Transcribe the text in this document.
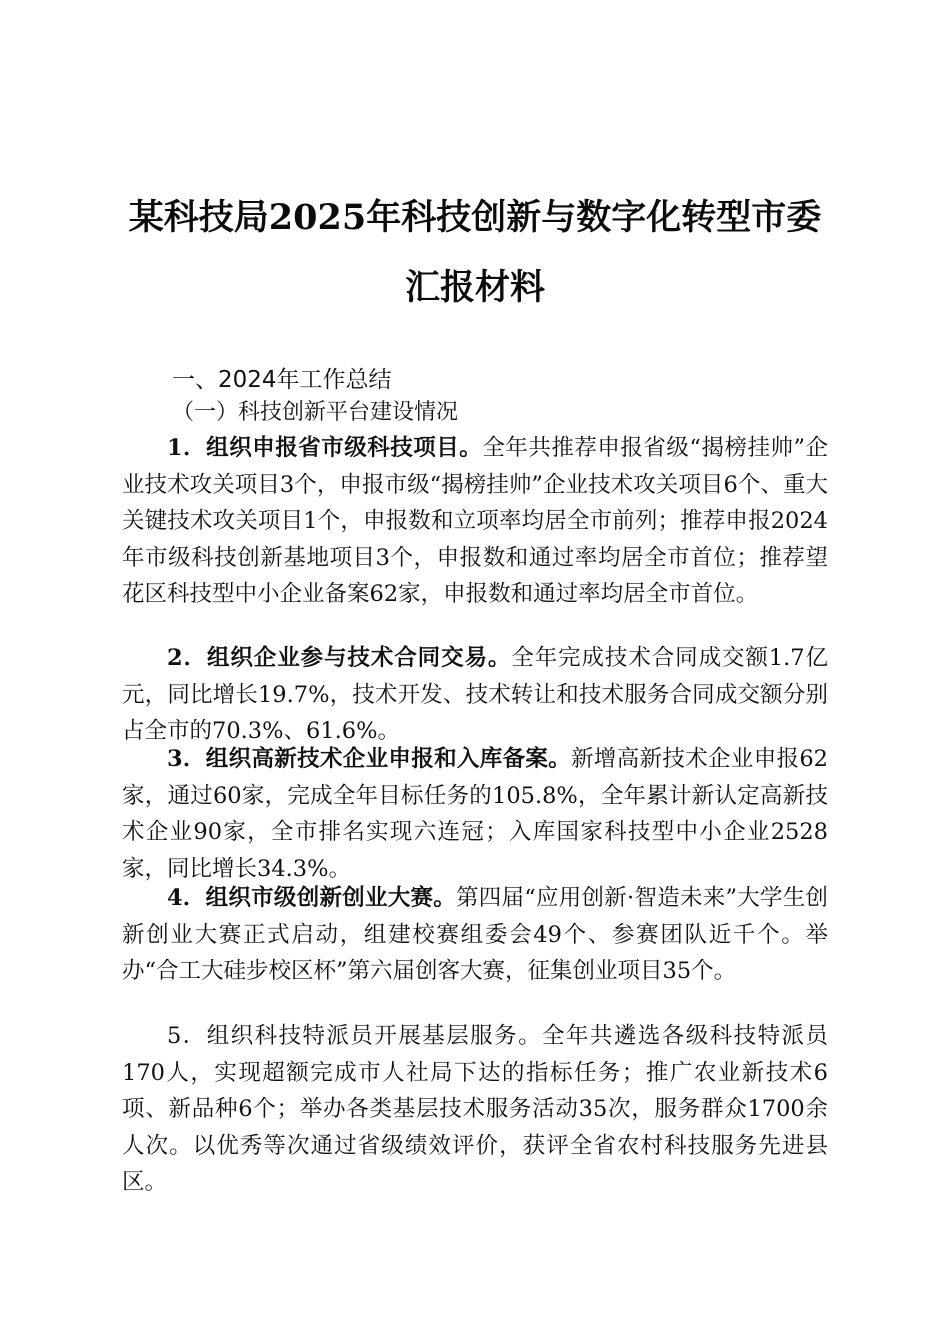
某科技局2025年科技创新与数字化转型市委
汇报材料
一、2024年工作总结
（一）科技创新平台建设情况

1．组织申报省市级科技项目。全年共推荐申报省级“揭榜挂帅”企业技术攻关项目3个，申报市级“揭榜挂帅”企业技术攻关项目6个、重大关键技术攻关项目1个，申报数和立项率均居全市前列；推荐申报2024年市级科技创新基地项目3个，申报数和通过率均居全市首位；推荐望花区科技型中小企业备案62家，申报数和通过率均居全市首位。

2．组织企业参与技术合同交易。全年完成技术合同成交额1.7亿元，同比增长19.7%，技术开发、技术转让和技术服务合同成交额分别占全市的70.3%、61.6%。

3．组织高新技术企业申报和入库备案。新增高新技术企业申报62家，通过60家，完成全年目标任务的105.8%，全年累计新认定高新技术企业90家，全市排名实现六连冠；入库国家科技型中小企业2528家，同比增长34.3%。

4．组织市级创新创业大赛。第四届“应用创新·智造未来”大学生创新创业大赛正式启动，组建校赛组委会49个、参赛团队近千个。举办“合工大硅步校区杯”第六届创客大赛，征集创业项目35个。

5．组织科技特派员开展基层服务。全年共遴选各级科技特派员170人，实现超额完成市人社局下达的指标任务；推广农业新技术6项、新品种6个；举办各类基层技术服务活动35次，服务群众1700余人次。以优秀等次通过省级绩效评价，获评全省农村科技服务先进县区。
